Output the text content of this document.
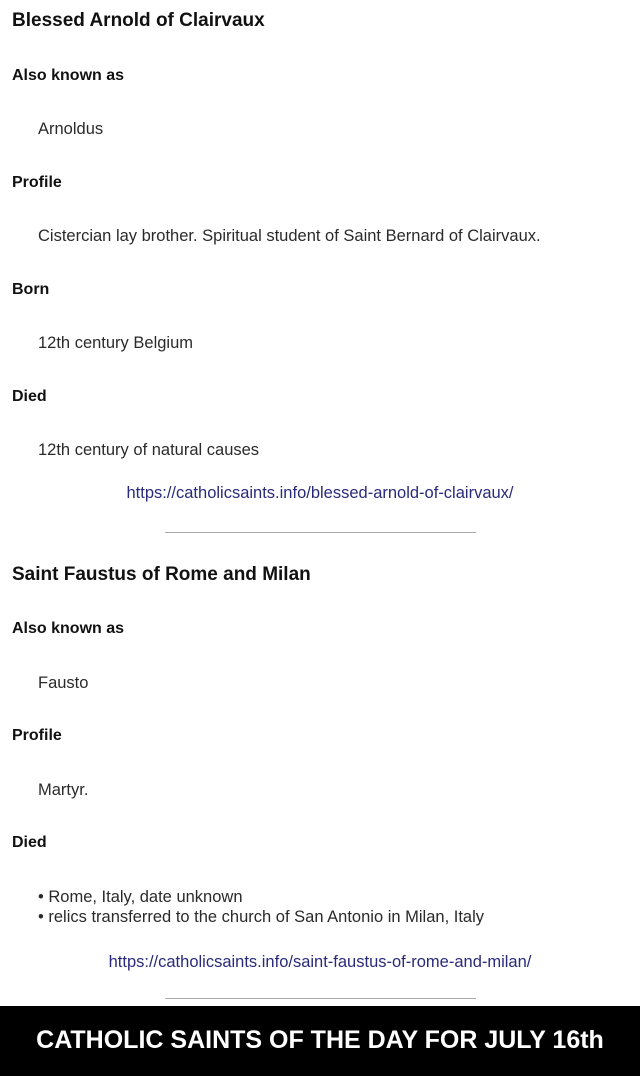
Blessed Arnold of Clairvaux
Also known as
Arnoldus
Profile
Cistercian lay brother. Spiritual student of Saint Bernard of Clairvaux.
Born
12th century Belgium
Died
12th century of natural causes
https://catholicsaints.info/blessed-arnold-of-clairvaux/
Saint Faustus of Rome and Milan
Also known as
Fausto
Profile
Martyr.
Died
• Rome, Italy, date unknown
• relics transferred to the church of San Antonio in Milan, Italy
https://catholicsaints.info/saint-faustus-of-rome-and-milan/
CATHOLIC SAINTS OF THE DAY FOR JULY 16th
